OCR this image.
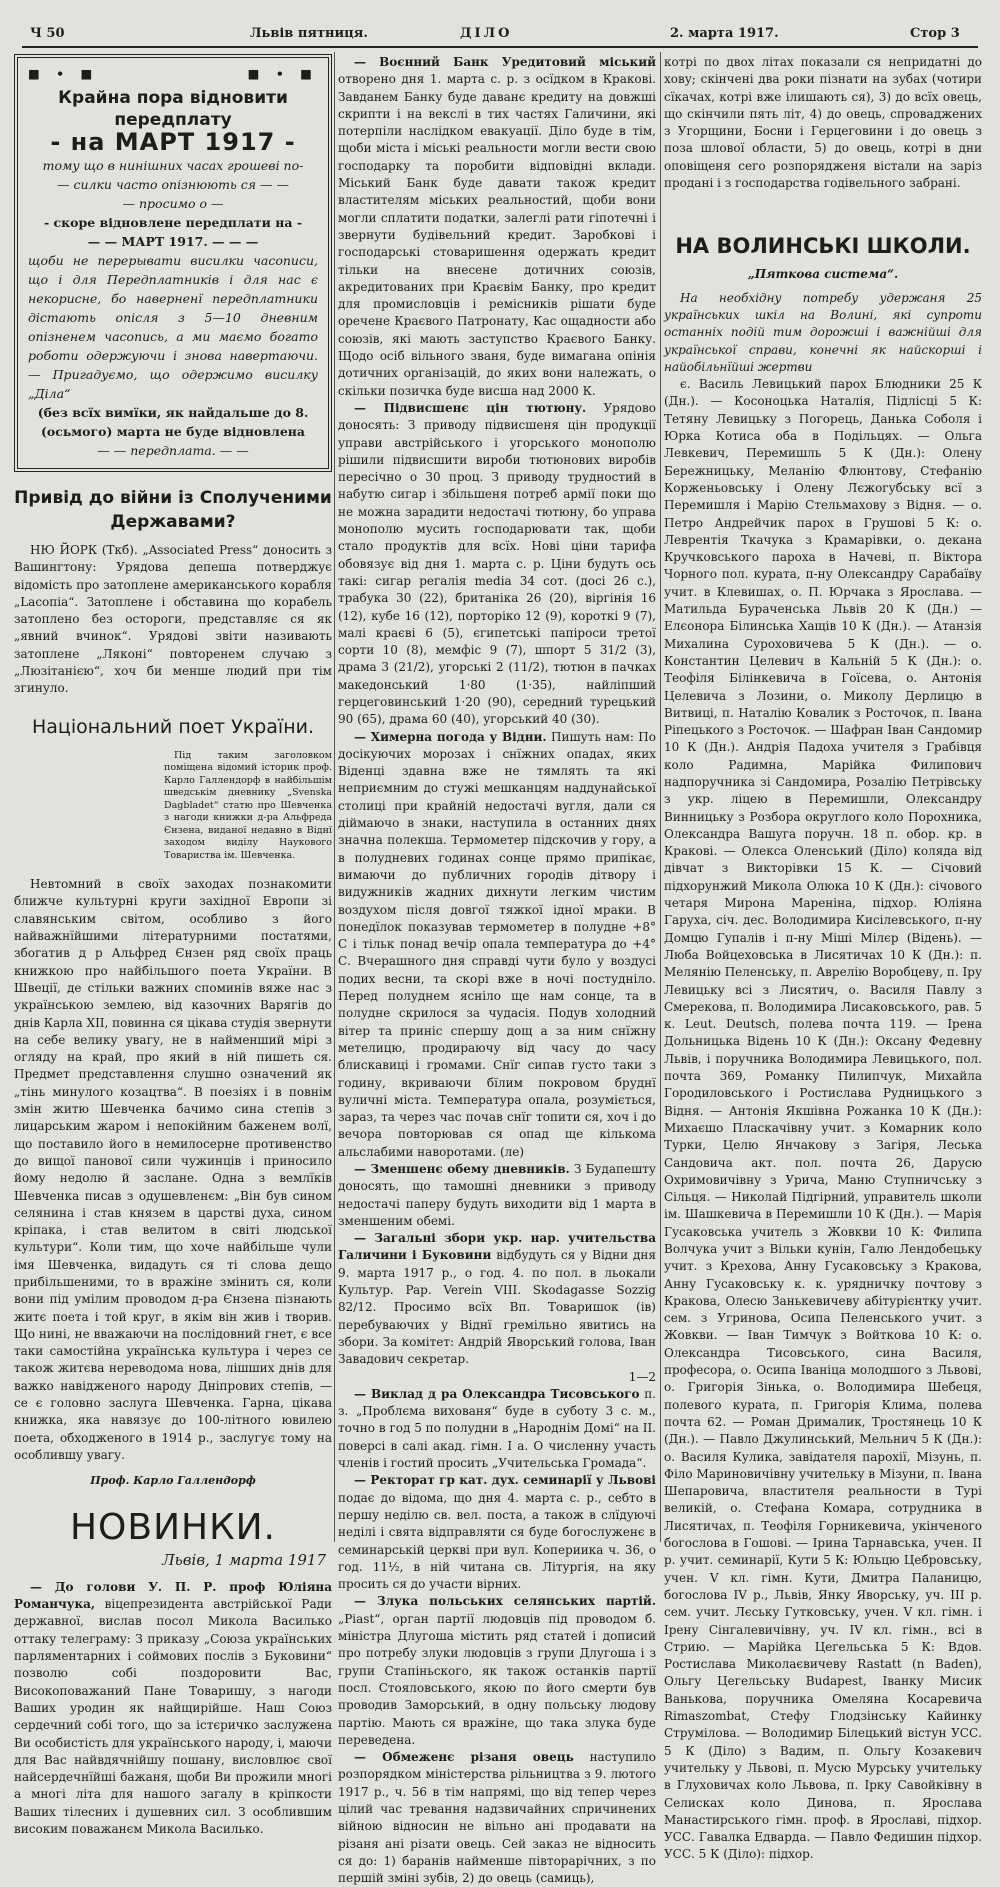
Ч 50	Львів пятниця.	ДІЛО	2. марта 1917.	Стор 3
■ • ■	■ • ■
Крайна пора відновити передплату
- на МАРТ 1917 -
тому що в нинішних часах грошеві по-
— силки часто опізнюють ся — —
— просимо о —
- скоре відновлене передплати на -
— — МАРТ 1917. — — —
щоби не перерывати висилки часописи, що і для Передплатників і для нас є некорисне, бо наверненї передплатники дістають опісля з 5—10 дневним опізненем часопись, а ми маємо богато роботи одержуючи і знова навертаючи. — Пригадуємо, що одержимо висилку „Діла“
(без всїх вимїки, як найдальше до 8. (осьмого) марта не буде відновлена
— — передплата. — —
Привід до війни із Сполученими Державами?

НЮ ЙОРК (Ткб). „Associated Press“ доносить з Вашингтону: Урядова депеша потверджує відомість про затоплене американського корабля „Lacoпia“. Затоплене і обставина що корабель затоплено без остороги, представляє ся як „явний вчинок“. Урядові звіти називають затоплене „Ляконі“ повторенем случаю з „Люзітанією“, хоч би менше людий при тім згинуло.

Національний поет України.

Під таким заголовком поміщена відомий історик проф. Карло Галлендорф в найбільшім шведськім дневнику „Svenska Dagbladet“ статю про Шевченка з нагоди книжки д-ра Альфреда Єнзена, виданої недавно в Віднї заходом виділу Наукового Товариства ім. Шевченка.

Невтомний в своїх заходах познакомити ближче культурні круги західної Европи зі славянським світом, особливо з його найважнїйшими літературними постатями, збогатив д р Альфред Єнзен ряд своїх праць книжкою про найбільшого поета України. В Швеції, де стільки важних споминів вяже нас з українською землею, від казочних Варягів до днів Карла XII, повинна ся цікава студія звернути на себе велику увагу, не в найменший мірі з огляду на край, про який в ній пишеть ся. Предмет представлення слушно означений як „тінь минулого козацтва“. В поезіях і в повнім змін житю Шевченка бачимо сина степів з лицарським жаром і непокійним баженем волї, що поставило його в немилосерне противенство до вищої панової сили чужинців і приносило йому недолю й заслане. Одна з вемлїків Шевченка писав з одушевленєм: „Він був сином селянина і став князем в царстві духа, сином кріпака, і став велитом в світі людської культури“. Коли тим, що хоче найбільше чули імя Шевченка, видадуть ся ті слова дещо прибільшеними, то в вражіне змінить ся, коли вони під умілим проводом д-ра Єнзена пізнають житє поета і той круг, в якім він жив і творив. Що нині, не вважаючи на послідовний гнет, є все таки самостійна українська культура і через се також житєва нереводома нова, лішших днів для важко навідженого народу Дніпрових степів, — се є головно заслуга Шевченка. Гарна, цікава книжка, яка навязує до 100-літного ювилею поета, обходженого в 1914 р., заслугує тому на особлившу увагу.

Проф. Карло Галлендорф

НОВИНКИ.
Львів, 1 марта 1917

— До голови У. П. Р. проф Юліяна Романчука, віцепрезидента австрійської Ради державної, вислав посол Микола Василько оттаку телеграму: З приказу „Союза українських парляментарних і соймових послів з Буковини“ позволю собі поздоровити Вас, Високоповажаний Пане Товаришу, з нагоди Ваших уродин як найщирійше. Наш Союз сердечний собі того, що за істєричко заслужена Ви особистість для українського народу, і, маючи для Вас найвдячнійшу пошану, висловлює свої найсердечнїйші бажаня, щоби Ви прожили многі а многі літа для нашого загалу в кріпкости Ваших тілесних і душевних сил. З особлившим високим поважанєм Микола Василько.

— Воєнний Банк Уредитовий міський отворено дня 1. марта с. р. з осїдком в Кракові. Завданем Банку буде даванє кредиту на довжші скрипти і на векслі в тих частях Галичини, які потерпіли наслідком евакуації. Діло буде в тім, щоби міста і міські реальности могли вести свою господарку та поробити відповідні вклади. Міський Банк буде давати також кредит властителям міських реальностий, щоби вони могли сплатити податки, залеглі рати гіпотечні і звернути будівельний кредит. Заробкові і господарські стоваришення одержать кредит тільки на внесене дотичних союзів, акредитованих при Краєвім Банку, про кредит для промисловців і ремісників рішати буде оречене Краєвого Патронату, Кас ощадности або союзів, які мають заступство Краєвого Банку. Щодо осіб вільного званя, буде вимагана опінія дотичних організацій, до яких вони належать, о скільки позичка буде висша над 2000 К.

— Підвисшенє цін тютюну. Урядово доносять: З приводу підвисшеня цін продукції управи австрійського і угорського монополю рішили підвисшити вироби тютюнових виробів пересічно о 30 проц. З приводу трудностий в набутю сигар і збільшеня потреб армії поки що не можна зарадити недостачі тютюну, бо управа монополю мусить господарювати так, щоби стало продуктів для всїх. Нові ціни тарифа обовязує від дня 1. марта с. р. Ціни будуть ось такі: сигар регалія media 34 сот. (досі 26 с.), трабука 30 (22), британіка 26 (20), віргінія 16 (12), кубе 16 (12), порторіко 12 (9), короткі 9 (7), малі краєві 6 (5), єгипетські папіроси третої сорти 10 (8), мемфіс 9 (7), шпорт 5 31/2 (3), драма 3 (21/2), угорські 2 (11/2), тютюн в пачках македонський 1·80 (1·35), найліпший герцеговинський 1·20 (90), середний турецький 90 (65), драма 60 (40), угорський 40 (30).

— Химерна погода у Відни. Пишуть нам: По досікуючих морозах і снїжних опадах, яких Віденці здавна вже не тямлять та які неприємним до стужі мешканцям наддунайської столиці при крайній недостачі вугля, дали ся діймаючо в знаки, наступила в останних днях значна полекша. Термометер підскочив у гору, а в полудневих годинах сонце прямо припікає, вимаючи до публичних городів дітвору і видужників жадних дихнути легким чистим воздухом після довгої тяжкої ідної мраки. В понедїлок показував термометер в полудне +8° С і тільк понад вечір опала температура до +4° С. Вчерашного дня справді чути було у воздусі подих весни, та скорі вже в ночі постудніло. Перед полуднем ясніло ще нам сонце, та в полудне скрилося за чудасія. Подув холодний вітер та приніс спершу дощ а за ним снїжну метелицю, продираючу від часу до часу блискавиці і громами. Снїг сипав густо таки з годину, вкриваючи бїлим покровом бруднї вуличні міста. Температура опала, розуміється, зараз, та через час почав снїг топити ся, хоч і до вечора повторював ся опад ще кількома альслабими наворотами. (ле)

— Зменшенє обему дневників. З Будапешту доносять, що тамошні дневники з приводу недостачі паперу будуть виходити від 1 марта в зменшеним обемі.

— Загальні збори укр. нар. учительства Галичини і Буковини відбудуть ся у Відни дня 9. марта 1917 р., о год. 4. по пол. в льокали Культур. Pap. Verein VIII. Skodagasse Sozzig 82/12. Просимо всїх Вп. Товаришок (ів) перебуваючих у Віднї гремільно явитись на збори. За комітет: Андрій Яворський голова, Іван Завадович секретар.

1—2

— Виклад д ра Олександра Тисовського п. з. „Проблєма вихованя“ буде в суботу 3 с. м., точно в год 5 по полудни в „Народнім Домі“ на II. поверсі в салі акад. гімн. І a. О численну участь членів і гостий просить „Учительська Громада“.

— Ректорат гр кат. дух. семинарії у Львові подає до відома, що дня 4. марта с. р., себто в першу неділю св. вел. поста, а також в слїдуючі неділі і свята відправляти ся буде богослуженє в семинарській церкві при вул. Копериика ч. 36, о год. 11½, в ній читана св. Літургія, на яку просить ся до участи вірних.

— Злука польських селянських партій. „Piast“, орган партії людовців під проводом б. міністра Длугоша містить ряд статей і дописий про потребу злуки людовців з групи Длугоша і з групи Стапіньского, як також останків партії посл. Стояловського, якою по його смерти був проводив Заморський, в одну польську людову партію. Мають ся вражіне, що така злука буде переведена.

— Обмеженє різаня овець наступило розпорядком міністерства рільництва з 9. лютого 1917 р., ч. 56 в тім напрямі, що від тепер через цілий час тревання надзвичайних спричинених війною відносин не вільно ані продавати на різаня ані різати овець. Сей заказ не відносить ся до: 1) баранів найменше півторарічних, з по першій зміні зубів, 2) до овець (самиць),

котрі по двох літах показали ся непридатні до хову; скінчені два роки пізнати на зубах (чотири сїкачах, котрі вже ілишають ся), 3) до всїх овець, що скінчили пять літ, 4) до овець, спроваджених з Угорщини, Босни і Герцеговини і до овець з поза шлової области, 5) до овець, котрі в дни оповіщеня сего розпорядженя вістали на заріз продані і з господарства годівельного забрані.

НА ВОЛИНСЬКІ ШКОЛИ.
„Пяткова система“.

На необхідну потребу удержаня 25 українських шкіл на Волині, які супроти останніх подій тим дорожші і важнійші для української справи, конечні як найскорші і найобільнїйші жертви

є. Василь Левицький парох Блюдники 25 К (Дн.). — Косоноцька Наталія, Підлісці 5 К: Тетяну Левицьку з Погорець, Данька Соболя і Юрка Котиса оба в Подільцях. — Ольга Левкевич, Перемишль 5 К (Дн.): Олену Бережницьку, Меланію Флюнтову, Стефанію Корженьовську і Олену Лєжогубську всї з Перемишля і Марію Стельмахову з Відня. — о. Петро Андрейчик парох в Грушові 5 К: о. Леврентія Ткачука з Крамарівки, о. декана Кручковського пароха в Начеві, п. Віктора Чорного пол. курата, п-ну Олександру Сарабаїву учит. в Клевишах, о. П. Юрчака з Ярослава. — Матильда Бураченська Львів 20 К (Дн.) — Елєонора Білинська Хащів 10 К (Дн.). — Атанзія Михалина Суроховичева 5 К (Дн.). — о. Константин Целевич в Кальній 5 К (Дн.): о. Теофіля Білінкевича в Гоїсева, о. Антонія Целевича з Лозини, о. Миколу Дерлицю в Витвиці, п. Наталію Ковалик з Росточок, п. Івана Ріпецького з Росточок. — Шафран Іван Сандомир 10 К (Дн.). Андрія Падоха учителя з Грабівця коло Радимна, Марійка Филипович надпоручника зі Сандомира, Розалію Петрівську з укр. ліцею в Перемишли, Олександру Винницьку з Розбора округлого коло Порохника, Олександра Вашуга поручн. 18 п. обор. кр. в Кракові. — Олекса Оленський (Діло) коляда від дівчат з Викторівки 15 К. — Січовий підхорунжий Микола Олюка 10 К (Дн.): січового четаря Мирона Мареніна, підхор. Юліяна Гаруха, січ. дес. Володимира Кисілевського, п-ну Домцю Гупалів і п-ну Міші Мілєр (Відень). — Люба Войцеховська в Лисятичах 10 К (Дн.): п. Мелянію Пеленську, п. Аврелію Воробцеву, п. Іру Левицьку всі з Лисятич, о. Василя Павлу з Смерекова, п. Володимира Лисаковського, рав. 5 к. Leut. Deutsch, полева почта 119. — Ірена Дольницька Відень 10 К (Дн.): Оксану Федевну Львів, і поручника Володимира Левицького, пол. почта 369, Романку Пилипчук, Михайла Городиловського і Ростислава Рудницького з Відня. — Антонія Якшівна Рожанка 10 К (Дн.): Михаєшо Пласкачівну учит. з Комарник коло Турки, Целю Янчакову з Загіря, Леська Сандовича акт. пол. почта 26, Дарусю Охримовичівну з Урича, Маню Ступничську з Сільця. — Николай Підгірний, управитель школи ім. Шашкевича в Перемишли 10 К (Дн.). — Марія Гусаковська учитель з Жовкви 10 К: Филипа Волчука учит з Вільки кунін, Галю Лендобецьку учит. з Крехова, Анну Гусаковську з Кракова, Анну Гусаковську к. к. урядничку почтову з Кракова, Олесю Занькевичеву абітурієнтку учит. сем. з Угринова, Осипа Пеленського учит. з Жовкви. — Іван Тимчук з Войткова 10 К: о. Олександра Тисовського, сина Василя, професора, о. Осипа Іваніца молодшого з Львові, о. Григорія Зінька, о. Володимира Шебеця, полевого курата, п. Григорія Клима, полева почта 62. — Роман Дрималик, Тростянець 10 К (Дн.). — Павло Джулинський, Мельнич 5 К (Дн.): о. Василя Кулика, завідателя парохії, Мізунь, п. Філо Мариновичівну учительку в Мізуни, п. Івана Шепаровича, властителя реальности в Турі великій, о. Стефана Комара, сотрудника в Лисятичах, п. Теофіля Горникевича, укінченого богослова в Гошові. — Ірина Тарнавська, учен. ІІ р. учит. семинарії, Кути 5 К: Юльцю Цебровську, учен. V кл. гімн. Кути, Дмитра Паланицю, богослова IV р., Львів, Янку Яворську, уч. III р. сем. учит. Лєську Гутковську, учен. V кл. гімн. і Ірену Сінгалевичівну, уч. IV кл. гімн., всі в Стрию. — Марійка Цегельська 5 К: Вдов. Ростислава Миколаєвичеву Rastatt (n Baden), Ольгу Цегельську Budapest, Іванку Мисик Ваньковa, поручника Омеляна Косаревича Rimaszombat, Стефу Глодзінську Кайинку Струмілова. — Володимир Білецький вістун УСС. 5 К (Діло) з Вадим, п. Ольгу Козакевич учительку у Львові, п. Мусю Мурську учительку в Глуховичах коло Львова, п. Ірку Савойківну в Селисках коло Динова, п. Ярослава Манастирського гімн. проф. в Ярославі, підхор. УСС. Гавалка Едварда. — Павло Федишин підхор. УСС. 5 К (Діло): підхор.
